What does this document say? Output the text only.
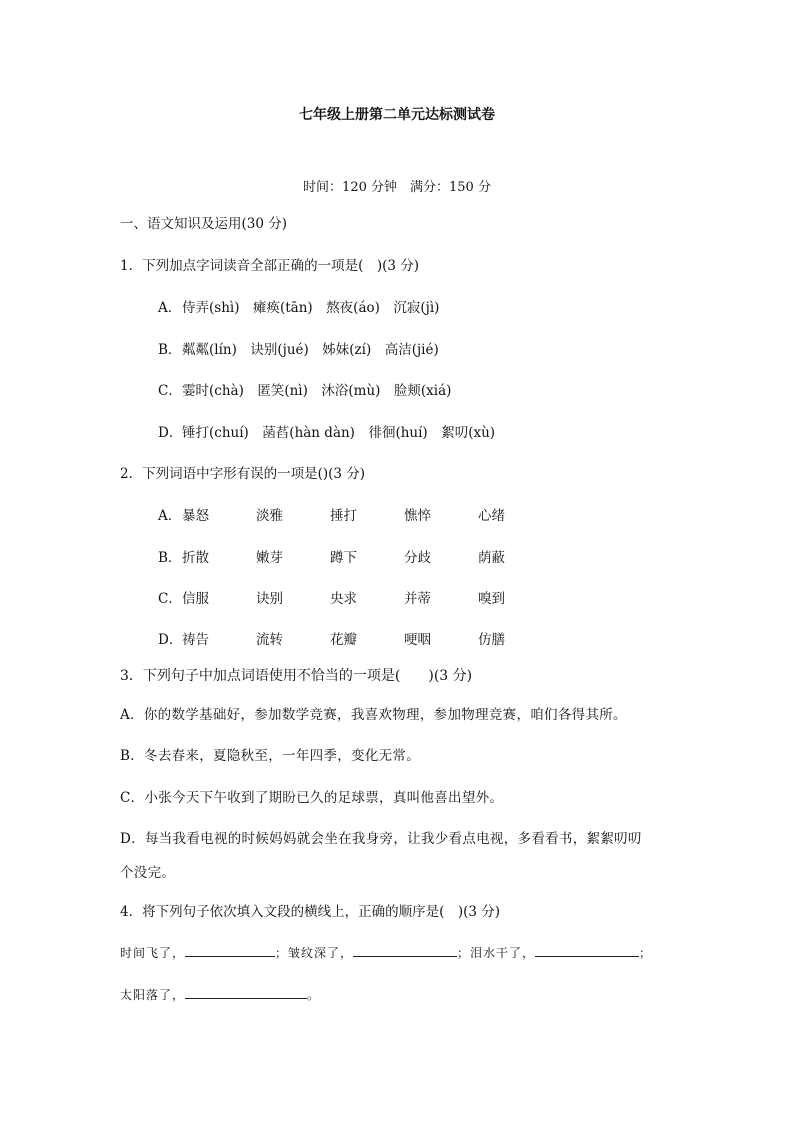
七年级上册第二单元达标测试卷
时间：120 分钟　满分：150 分
一、语文知识及运用(30 分)
1．下列加点字词读音全部正确的一项是(　)(3 分)
A．侍弄(shì)　瘫痪(tān)　熬夜(áo)　沉寂(jì)
B．粼粼(lín)　诀别(jué)　姊妹(zí)　高洁(jié)
C．霎时(chà)　匿笑(nì)　沐浴(mù)　脸颊(xiá)
D．锤打(chuí)　菡萏(hàn dàn)　徘徊(huí)　絮叨(xù)
2．下列词语中字形有误的一项是()(3 分)
A．暴怒	淡雅	捶打	憔悴	心绪
B．折散	嫩芽	蹲下	分歧	荫蔽
C．信服	诀别	央求	并蒂	嗅到
D．祷告	流转	花瓣	哽咽	仿膳
3．下列句子中加点词语使用不恰当的一项是(　　)(3 分)
A．你的数学基础好，参加数学竞赛，我喜欢物理，参加物理竞赛，咱们各得其所。
B．冬去春来，夏隐秋至，一年四季，变化无常。
C．小张今天下午收到了期盼已久的足球票，真叫他喜出望外。
D．每当我看电视的时候妈妈就会坐在我身旁，让我少看点电视，多看看书，絮絮叨叨
个没完。
4．将下列句子依次填入文段的横线上，正确的顺序是(　)(3 分)
时间飞了，	；皱纹深了，	；泪水干了，	；
太阳落了，	。
